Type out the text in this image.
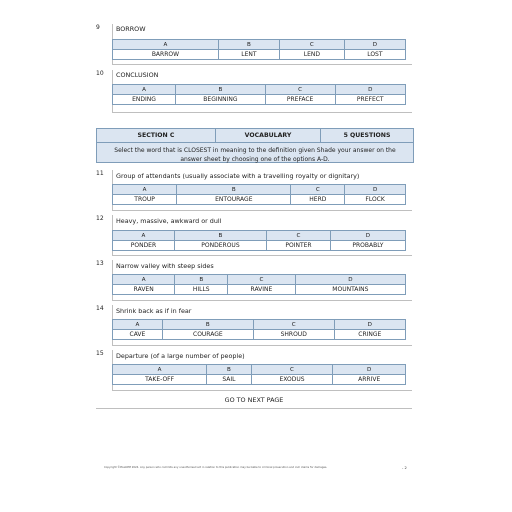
9	BORROW
A	B	C	D
BARROW	LENT	LEND	LOST
10	CONCLUSION
A	B	C	D
ENDING	BEGINNING	PREFACE	PREFECT
SECTION C	VOCABULARY	5 QUESTIONS
Select the word that is CLOSEST in meaning to the definition given Shade your answer on the answer sheet by choosing one of the options A-D.
11	Group of attendants (usually associate with a travelling royalty or dignitary)
A	B	C	D
TROUP	ENTOURAGE	HERD	FLOCK
12	Heavy, massive, awkward or dull
A	B	C	D
PONDER	PONDEROUS	POINTER	PROBABLY
13	Narrow valley with steep sides
A	B	C	D
RAVEN	HILLS	RAVINE	MOUNTAINS
14	Shrink back as if in fear
A	B	C	D
CAVE	COURAGE	SHROUD	CRINGE
15	Departure (of a large number of people)
A	B	C	D
TAKE-OFF	SAIL	EXODUS	ARRIVE
GO TO NEXT PAGE
Copyright ©PlusKPM 2024. Any person who commits any unauthorised act in relation to this publication may be liable to criminal prosecution and civil claims for damages.	- 2
